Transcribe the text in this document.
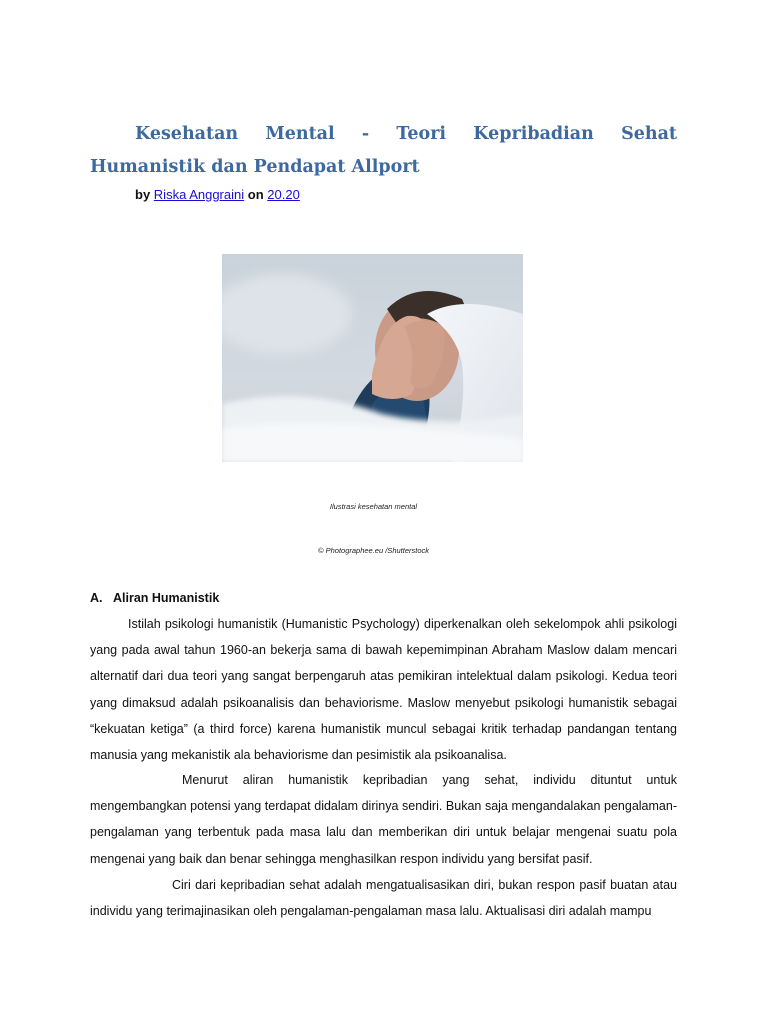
Kesehatan Mental - Teori Kepribadian Sehat Humanistik dan Pendapat Allport
by Riska Anggraini on 20.20
Ilustrasi kesehatan mental
© Photographee.eu /Shutterstock
A. Aliran Humanistik

Istilah psikologi humanistik (Humanistic Psychology) diperkenalkan oleh sekelompok ahli psikologi yang pada awal tahun 1960-an bekerja sama di bawah kepemimpinan Abraham Maslow dalam mencari alternatif dari dua teori yang sangat berpengaruh atas pemikiran intelektual dalam psikologi. Kedua teori yang dimaksud adalah psikoanalisis dan behaviorisme. Maslow menyebut psikologi humanistik sebagai “kekuatan ketiga” (a third force) karena humanistik muncul sebagai kritik terhadap pandangan tentang manusia yang mekanistik ala behaviorisme dan pesimistik ala psikoanalisa.

Menurut aliran humanistik kepribadian yang sehat, individu dituntut untuk mengembangkan potensi yang terdapat didalam dirinya sendiri. Bukan saja mengandalakan pengalaman-pengalaman yang terbentuk pada masa lalu dan memberikan diri untuk belajar mengenai suatu pola mengenai yang baik dan benar sehingga menghasilkan respon individu yang bersifat pasif.

Ciri dari kepribadian sehat adalah mengatualisasikan diri, bukan respon pasif buatan atau individu yang terimajinasikan oleh pengalaman-pengalaman masa lalu. Aktualisasi diri adalah mampu
